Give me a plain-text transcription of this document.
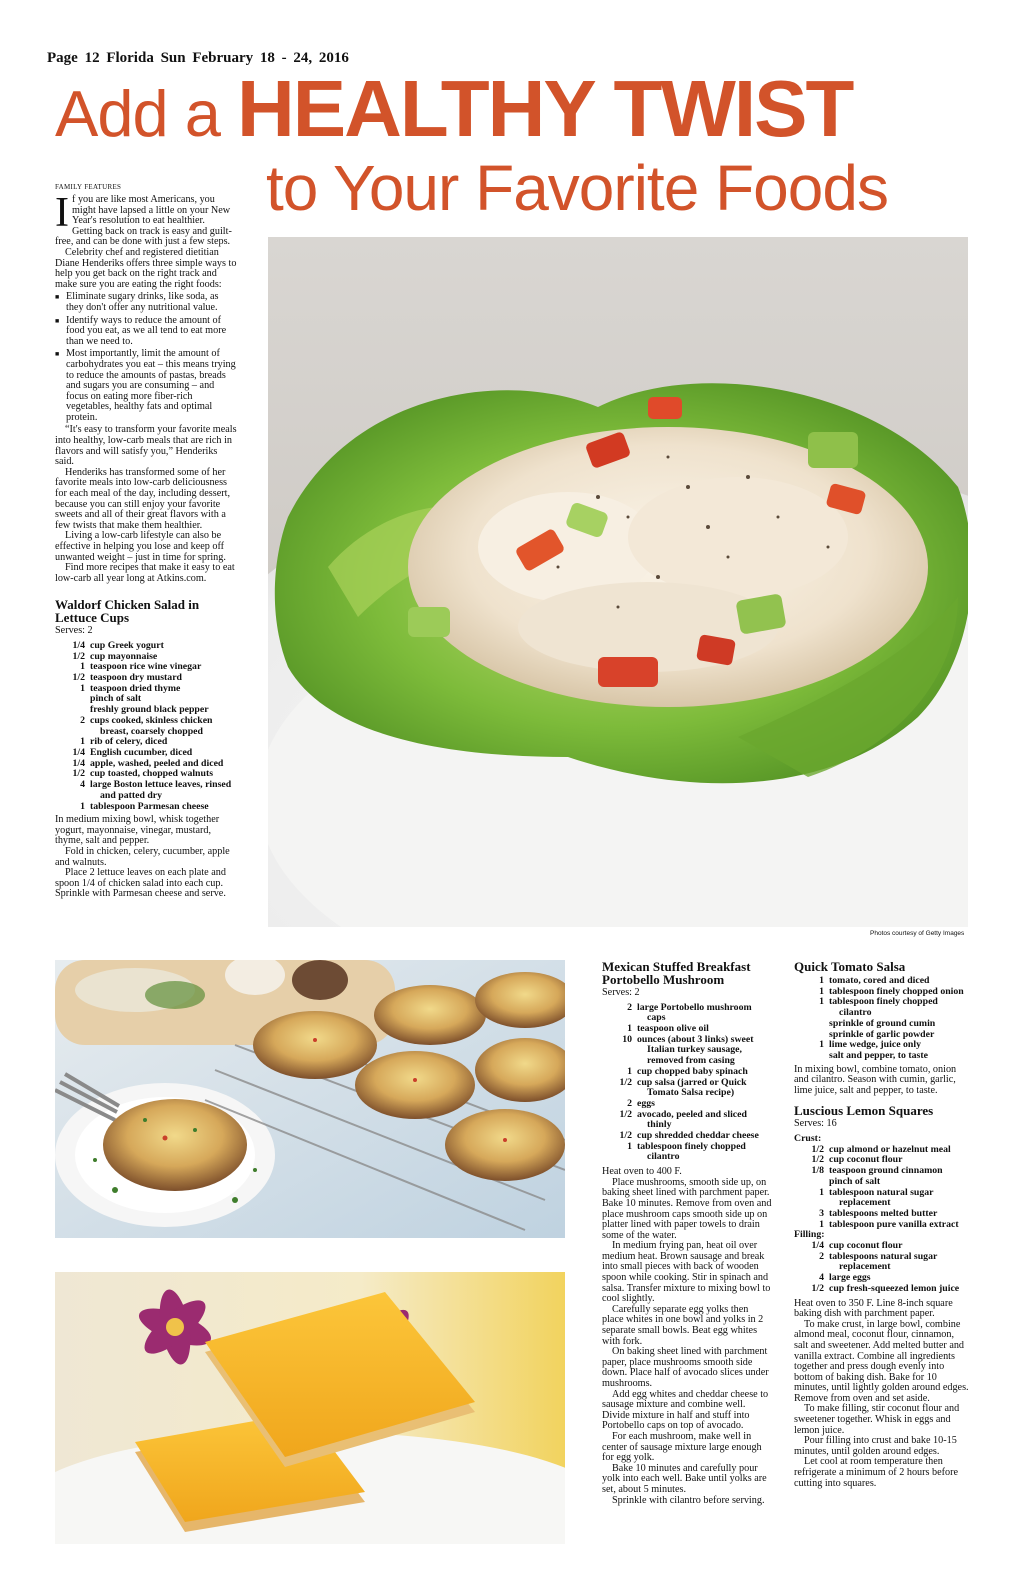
Page 12 Florida Sun February 18 - 24, 2016
Add a HEALTHY TWIST
to Your Favorite Foods
FAMILY FEATURES

If you are like most Americans, you might have lapsed a little on your New Year's resolution to eat healthier. Getting back on track is easy and guilt-free, and can be done with just a few steps.

Celebrity chef and registered dietitian Diane Henderiks offers three simple ways to help you get back on the right track and make sure you are eating the right foods:

■ Eliminate sugary drinks, like soda, as they don't offer any nutritional value.
■ Identify ways to reduce the amount of food you eat, as we all tend to eat more than we need to.
■ Most importantly, limit the amount of carbohydrates you eat – this means trying to reduce the amounts of pastas, breads and sugars you are consuming – and focus on eating more fiber-rich vegetables, healthy fats and optimal protein.

“It's easy to transform your favorite meals into healthy, low-carb meals that are rich in flavors and will satisfy you,” Henderiks said.

Henderiks has transformed some of her favorite meals into low-carb deliciousness for each meal of the day, including dessert, because you can still enjoy your favorite sweets and all of their great flavors with a few twists that make them healthier.

Living a low-carb lifestyle can also be effective in helping you lose and keep off unwanted weight – just in time for spring.

Find more recipes that make it easy to eat low-carb all year long at Atkins.com.

Waldorf Chicken Salad in Lettuce Cups
Serves: 2
1/4 cup Greek yogurt
1/2 cup mayonnaise
1 teaspoon rice wine vinegar
1/2 teaspoon dry mustard
1 teaspoon dried thyme
pinch of salt
freshly ground black pepper
2 cups cooked, skinless chicken breast, coarsely chopped
1 rib of celery, diced
1/4 English cucumber, diced
1/4 apple, washed, peeled and diced
1/2 cup toasted, chopped walnuts
4 large Boston lettuce leaves, rinsed and patted dry
1 tablespoon Parmesan cheese

In medium mixing bowl, whisk together yogurt, mayonnaise, vinegar, mustard, thyme, salt and pepper.

Fold in chicken, celery, cucumber, apple and walnuts.

Place 2 lettuce leaves on each plate and spoon 1/4 of chicken salad into each cup. Sprinkle with Parmesan cheese and serve.

Photos courtesy of Getty Images
Mexican Stuffed Breakfast Portobello Mushroom
Serves: 2
2 large Portobello mushroom caps
1 teaspoon olive oil
10 ounces (about 3 links) sweet Italian turkey sausage, removed from casing
1 cup chopped baby spinach
1/2 cup salsa (jarred or Quick Tomato Salsa recipe)
2 eggs
1/2 avocado, peeled and sliced thinly
1/2 cup shredded cheddar cheese
1 tablespoon finely chopped cilantro

Heat oven to 400 F.

Place mushrooms, smooth side up, on baking sheet lined with parchment paper. Bake 10 minutes. Remove from oven and place mushroom caps smooth side up on platter lined with paper towels to drain some of the water.

In medium frying pan, heat oil over medium heat. Brown sausage and break into small pieces with back of wooden spoon while cooking. Stir in spinach and salsa. Transfer mixture to mixing bowl to cool slightly.

Carefully separate egg yolks then place whites in one bowl and yolks in 2 separate small bowls. Beat egg whites with fork.

On baking sheet lined with parchment paper, place mushrooms smooth side down. Place half of avocado slices under mushrooms.

Add egg whites and cheddar cheese to sausage mixture and combine well. Divide mixture in half and stuff into Portobello caps on top of avocado.

For each mushroom, make well in center of sausage mixture large enough for egg yolk.

Bake 10 minutes and carefully pour yolk into each well. Bake until yolks are set, about 5 minutes.

Sprinkle with cilantro before serving.

Quick Tomato Salsa
1 tomato, cored and diced
1 tablespoon finely chopped onion
1 tablespoon finely chopped cilantro
sprinkle of ground cumin
sprinkle of garlic powder
1 lime wedge, juice only
salt and pepper, to taste

In mixing bowl, combine tomato, onion and cilantro. Season with cumin, garlic, lime juice, salt and pepper, to taste.

Luscious Lemon Squares
Serves: 16
Crust:
1/2 cup almond or hazelnut meal
1/2 cup coconut flour
1/8 teaspoon ground cinnamon
pinch of salt
1 tablespoon natural sugar replacement
3 tablespoons melted butter
1 tablespoon pure vanilla extract
Filling:
1/4 cup coconut flour
2 tablespoons natural sugar replacement
4 large eggs
1/2 cup fresh-squeezed lemon juice

Heat oven to 350 F. Line 8-inch square baking dish with parchment paper.

To make crust, in large bowl, combine almond meal, coconut flour, cinnamon, salt and sweetener. Add melted butter and vanilla extract. Combine all ingredients together and press dough evenly into bottom of baking dish. Bake for 10 minutes, until lightly golden around edges. Remove from oven and set aside.

To make filling, stir coconut flour and sweetener together. Whisk in eggs and lemon juice.

Pour filling into crust and bake 10-15 minutes, until golden around edges.

Let cool at room temperature then refrigerate a minimum of 2 hours before cutting into squares.
